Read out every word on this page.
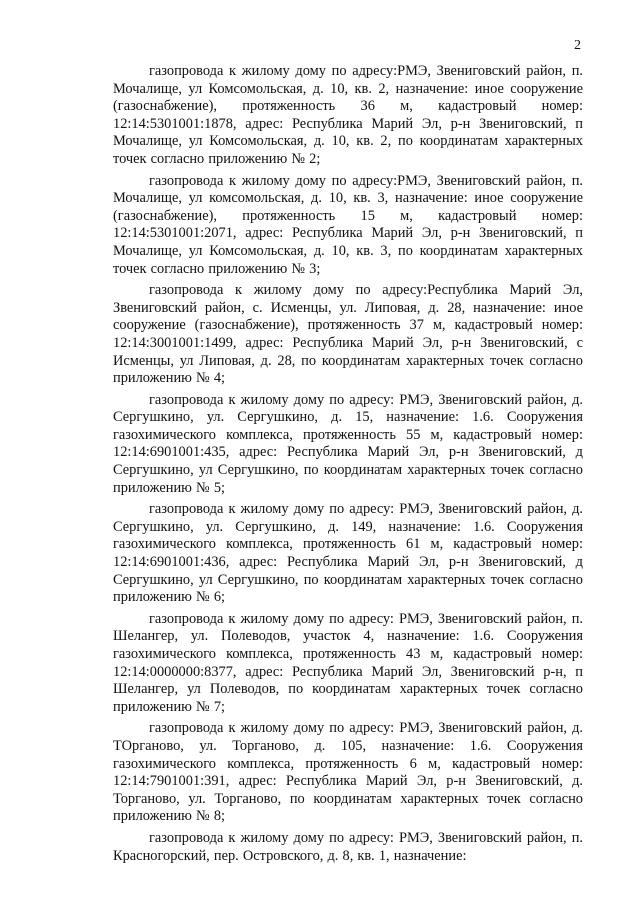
2

газопровода к жилому дому по адресу:РМЭ, Звениговский район, п. Мочалище, ул Комсомольская, д. 10, кв. 2, назначение: иное сооружение (газоснабжение), протяженность 36 м, кадастровый номер: 12:14:5301001:1878, адрес: Республика Марий Эл, р-н Звениговский, п Мочалище, ул Комсомольская, д. 10, кв. 2, по координатам характерных точек согласно приложению № 2;

газопровода к жилому дому по адресу:РМЭ, Звениговский район, п. Мочалище, ул комсомольская, д. 10, кв. 3, назначение: иное сооружение (газоснабжение), протяженность 15 м, кадастровый номер: 12:14:5301001:2071, адрес: Республика Марий Эл, р-н Звениговский, п Мочалище, ул Комсомольская, д. 10, кв. 3, по координатам характерных точек согласно приложению № 3;

газопровода к жилому дому по адресу:Республика Марий Эл, Звениговский район, с. Исменцы, ул. Липовая, д. 28, назначение: иное сооружение (газоснабжение), протяженность 37 м, кадастровый номер: 12:14:3001001:1499, адрес: Республика Марий Эл, р-н Звениговский, с Исменцы, ул Липовая, д. 28, по координатам характерных точек согласно приложению № 4;

газопровода к жилому дому по адресу: РМЭ, Звениговский район, д. Сергушкино, ул. Сергушкино, д. 15, назначение: 1.6. Сооружения газохимического комплекса, протяженность 55 м, кадастровый номер: 12:14:6901001:435, адрес: Республика Марий Эл, р-н Звениговский, д Сергушкино, ул Сергушкино, по координатам характерных точек согласно приложению № 5;

газопровода к жилому дому по адресу: РМЭ, Звениговский район, д. Сергушкино, ул. Сергушкино, д. 149, назначение: 1.6. Сооружения газохимического комплекса, протяженность 61 м, кадастровый номер: 12:14:6901001:436, адрес: Республика Марий Эл, р-н Звениговский, д Сергушкино, ул Сергушкино, по координатам характерных точек согласно приложению № 6;

газопровода к жилому дому по адресу: РМЭ, Звениговский район, п. Шелангер, ул. Полеводов, участок 4, назначение: 1.6. Сооружения газохимического комплекса, протяженность 43 м, кадастровый номер: 12:14:0000000:8377, адрес: Республика Марий Эл, Звениговский р-н, п Шелангер, ул Полеводов, по координатам характерных точек согласно приложению № 7;

газопровода к жилому дому по адресу: РМЭ, Звениговский район, д. ТОрганово, ул. Торганово, д. 105, назначение: 1.6. Сооружения газохимического комплекса, протяженность 6 м, кадастровый номер: 12:14:7901001:391, адрес: Республика Марий Эл, р-н Звениговский, д. Торганово, ул. Торганово, по координатам характерных точек согласно приложению № 8;

газопровода к жилому дому по адресу: РМЭ, Звениговский район, п. Красногорский, пер. Островского, д. 8, кв. 1, назначение:
